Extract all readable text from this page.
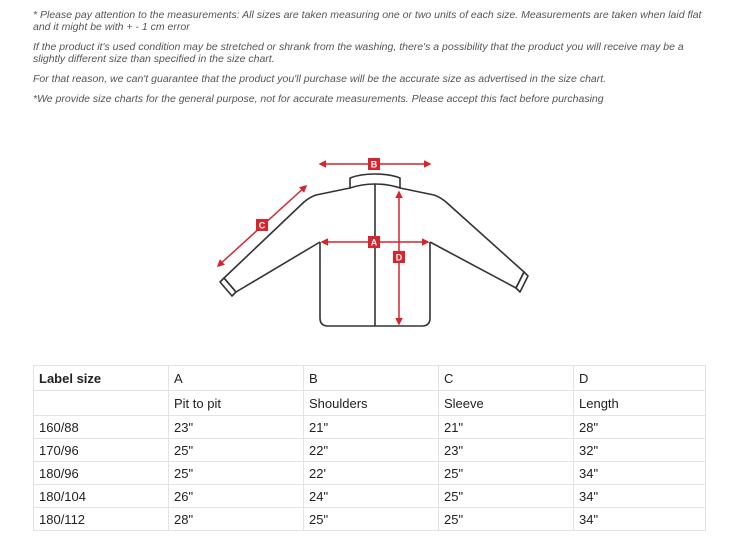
* Please pay attention to the measurements: All sizes are taken measuring one or two units of each size. Measurements are taken when laid flat and it might be with + - 1 cm error

If the product it's used condition may be stretched or shrank from the washing, there's a possibility that the product you will receive may be a slightly different size than specified in the size chart.

For that reason, we can't guarantee that the product you'll purchase will be the accurate size as advertised in the size chart.

*We provide size charts for the general purpose, not for accurate measurements. Please accept this fact before purchasing

B
C
A
D
Label size	A	B	C	D
	Pit to pit	Shoulders	Sleeve	Length
160/88	23"	21"	21"	28"
170/96	25"	22"	23"	32"
180/96	25"	22'	25"	34"
180/104	26"	24"	25"	34"
180/112	28"	25"	25"	34"
